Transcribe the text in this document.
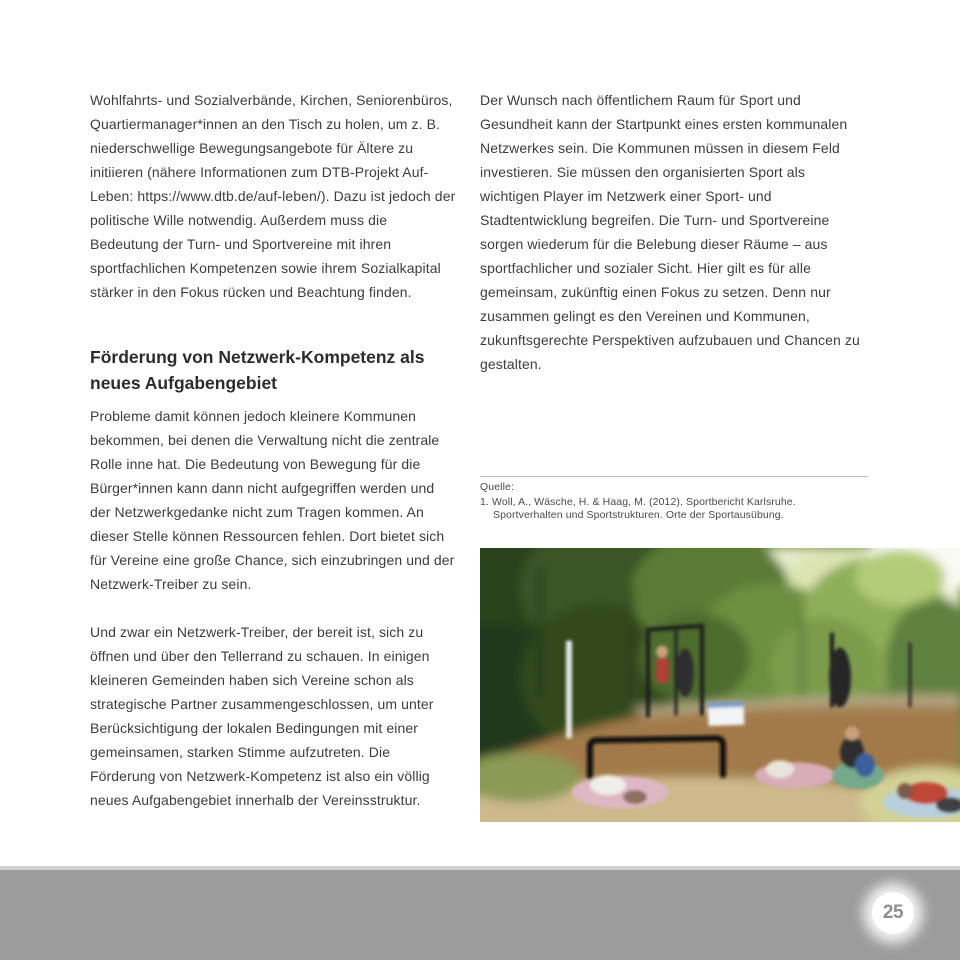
Wohlfahrts- und Sozialverbände, Kirchen, Seniorenbüros, Quartiermanager*innen an den Tisch zu holen, um z. B. niederschwellige Bewegungsangebote für Ältere zu initiieren (nähere Informationen zum DTB-Projekt Auf-Leben: https://www.dtb.de/auf-leben/). Dazu ist jedoch der politische Wille notwendig. Außerdem muss die Bedeutung der Turn- und Sportvereine mit ihren sportfachlichen Kompetenzen sowie ihrem Sozialkapital stärker in den Fokus rücken und Beachtung finden.

Förderung von Netzwerk-Kompetenz als neues Aufgabengebiet

Probleme damit können jedoch kleinere Kommunen bekommen, bei denen die Verwaltung nicht die zentrale Rolle inne hat. Die Bedeutung von Bewegung für die Bürger*innen kann dann nicht aufgegriffen werden und der Netzwerkgedanke nicht zum Tragen kommen. An dieser Stelle können Ressourcen fehlen. Dort bietet sich für Vereine eine große Chance, sich einzubringen und der Netzwerk-Treiber zu sein.

Und zwar ein Netzwerk-Treiber, der bereit ist, sich zu öffnen und über den Tellerrand zu schauen. In einigen kleineren Gemeinden haben sich Vereine schon als strategische Partner zusammengeschlossen, um unter Berücksichtigung der lokalen Bedingungen mit einer gemeinsamen, starken Stimme aufzutreten. Die Förderung von Netzwerk-Kompetenz ist also ein völlig neues Aufgabengebiet innerhalb der Vereinsstruktur.

Der Wunsch nach öffentlichem Raum für Sport und Gesundheit kann der Startpunkt eines ersten kommunalen Netzwerkes sein. Die Kommunen müssen in diesem Feld investieren. Sie müssen den organisierten Sport als wichtigen Player im Netzwerk einer Sport- und Stadtentwicklung begreifen. Die Turn- und Sportvereine sorgen wiederum für die Belebung dieser Räume – aus sportfachlicher und sozialer Sicht. Hier gilt es für alle gemeinsam, zukünftig einen Fokus zu setzen. Denn nur zusammen gelingt es den Vereinen und Kommunen, zukunftsgerechte Perspektiven aufzubauen und Chancen zu gestalten.

Quelle:
1. Woll, A., Wäsche, H. & Haag, M. (2012). Sportbericht Karlsruhe. Sportverhalten und Sportstrukturen. Orte der Sportausübung.
25
